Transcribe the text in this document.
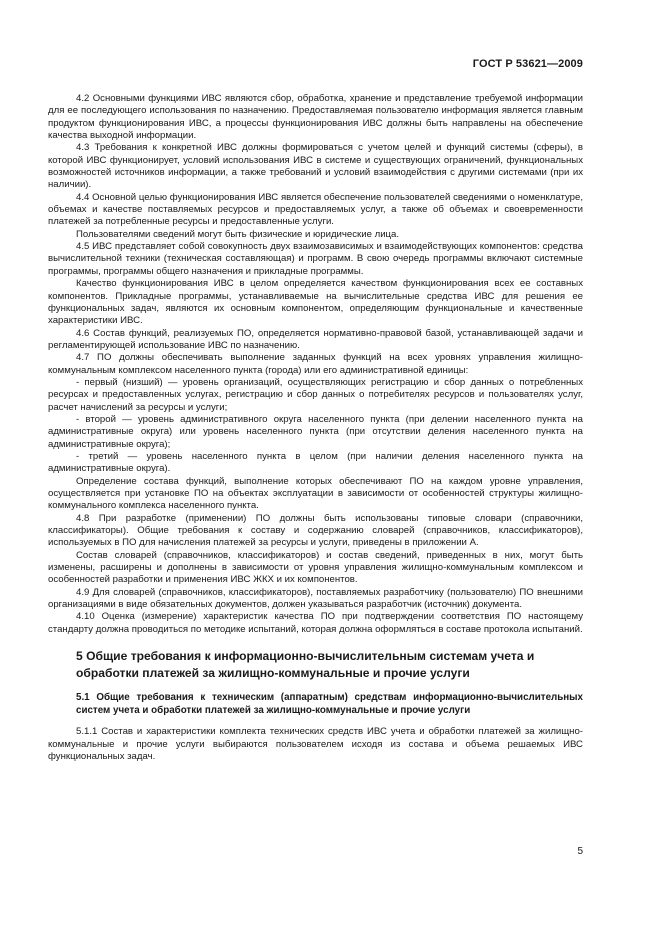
ГОСТ Р 53621—2009

4.2 Основными функциями ИВС являются сбор, обработка, хранение и представление требуемой информации для ее последующего использования по назначению. Предоставляемая пользователю информация является главным продуктом функционирования ИВС, а процессы функционирования ИВС должны быть направлены на обеспечение качества выходной информации.

4.3 Требования к конкретной ИВС должны формироваться с учетом целей и функций системы (сферы), в которой ИВС функционирует, условий использования ИВС в системе и существующих ограничений, функциональных возможностей источников информации, а также требований и условий взаимодействия с другими системами (при их наличии).

4.4 Основной целью функционирования ИВС является обеспечение пользователей сведениями о номенклатуре, объемах и качестве поставляемых ресурсов и предоставляемых услуг, а также об объемах и своевременности платежей за потребленные ресурсы и предоставленные услуги.

Пользователями сведений могут быть физические и юридические лица.

4.5 ИВС представляет собой совокупность двух взаимозависимых и взаимодействующих компонентов: средства вычислительной техники (техническая составляющая) и программ. В свою очередь программы включают системные программы, программы общего назначения и прикладные программы.

Качество функционирования ИВС в целом определяется качеством функционирования всех ее составных компонентов. Прикладные программы, устанавливаемые на вычислительные средства ИВС для решения ее функциональных задач, являются их основным компонентом, определяющим функциональные и качественные характеристики ИВС.

4.6 Состав функций, реализуемых ПО, определяется нормативно-правовой базой, устанавливающей задачи и регламентирующей использование ИВС по назначению.

4.7 ПО должны обеспечивать выполнение заданных функций на всех уровнях управления жилищно-коммунальным комплексом населенного пункта (города) или его административной единицы:

- первый (низший) — уровень организаций, осуществляющих регистрацию и сбор данных о потребленных ресурсах и предоставленных услугах, регистрацию и сбор данных о потребителях ресурсов и пользователях услуг, расчет начислений за ресурсы и услуги;

- второй — уровень административного округа населенного пункта (при делении населенного пункта на административные округа) или уровень населенного пункта (при отсутствии деления населенного пункта на административные округа);

- третий — уровень населенного пункта в целом (при наличии деления населенного пункта на административные округа).

Определение состава функций, выполнение которых обеспечивают ПО на каждом уровне управления, осуществляется при установке ПО на объектах эксплуатации в зависимости от особенностей структуры жилищно-коммунального комплекса населенного пункта.

4.8 При разработке (применении) ПО должны быть использованы типовые словари (справочники, классификаторы). Общие требования к составу и содержанию словарей (справочников, классификаторов), используемых в ПО для начисления платежей за ресурсы и услуги, приведены в приложении А.

Состав словарей (справочников, классификаторов) и состав сведений, приведенных в них, могут быть изменены, расширены и дополнены в зависимости от уровня управления жилищно-коммунальным комплексом и особенностей разработки и применения ИВС ЖКХ и их компонентов.

4.9 Для словарей (справочников, классификаторов), поставляемых разработчику (пользователю) ПО внешними организациями в виде обязательных документов, должен указываться разработчик (источник) документа.

4.10 Оценка (измерение) характеристик качества ПО при подтверждении соответствия ПО настоящему стандарту должна проводиться по методике испытаний, которая должна оформляться в составе протокола испытаний.

5 Общие требования к информационно-вычислительным системам учета и обработки платежей за жилищно-коммунальные и прочие услуги
5.1 Общие требования к техническим (аппаратным) средствам информационно-вычислительных систем учета и обработки платежей за жилищно-коммунальные и прочие услуги

5.1.1 Состав и характеристики комплекта технических средств ИВС учета и обработки платежей за жилищно-коммунальные и прочие услуги выбираются пользователем исходя из состава и объема решаемых ИВС функциональных задач.

5
